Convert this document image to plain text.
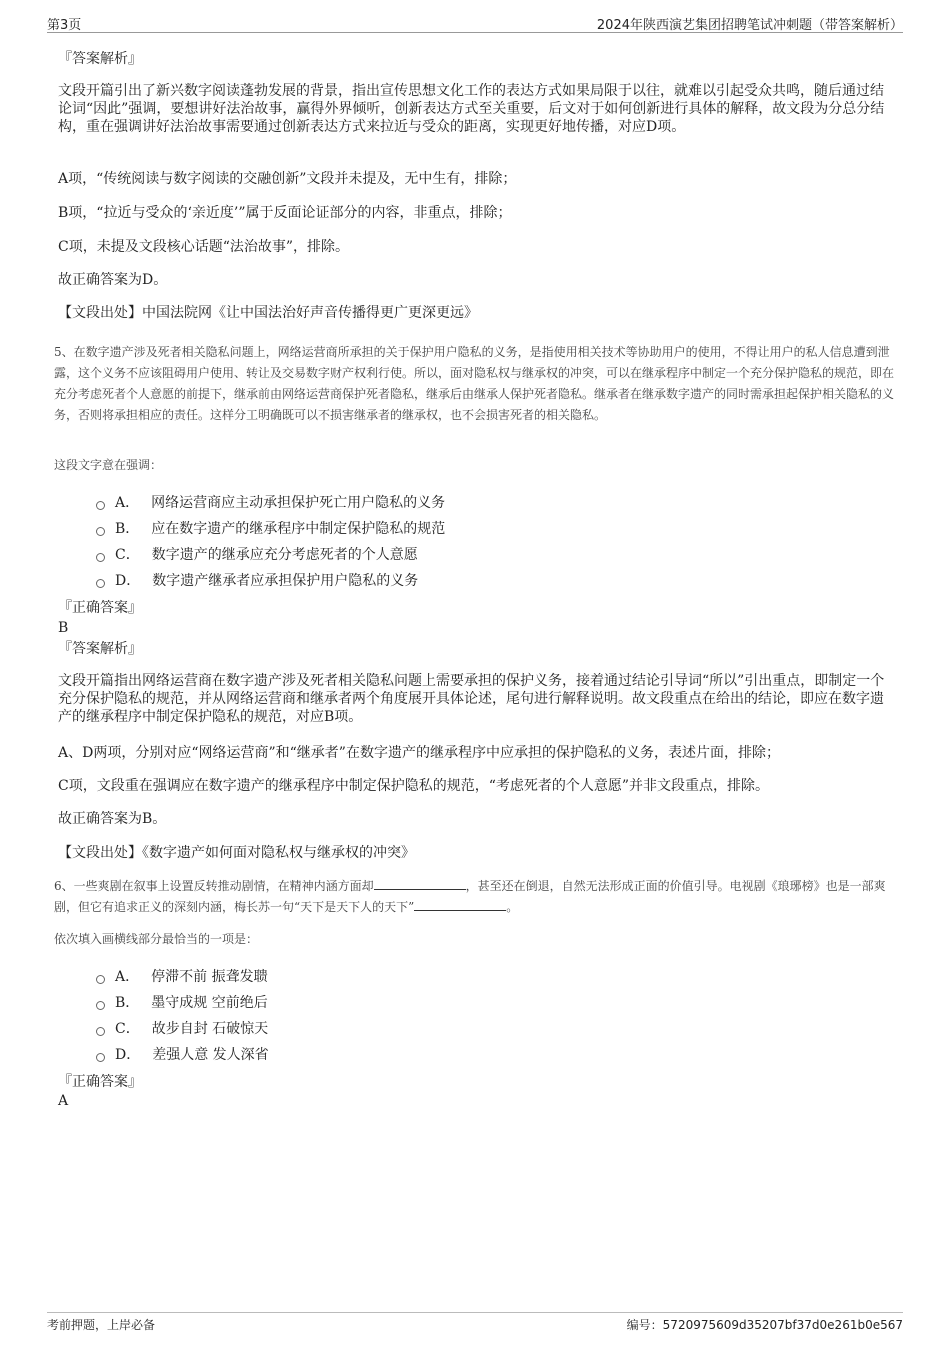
第3页	2024年陕西演艺集团招聘笔试冲刺题（带答案解析）
『答案解析』
文段开篇引出了新兴数字阅读蓬勃发展的背景，指出宣传思想文化工作的表达方式如果局限于以往，就难以引起受众共鸣，随后通过结论词“因此”强调，要想讲好法治故事，赢得外界倾听，创新表达方式至关重要，后文对于如何创新进行具体的解释，故文段为分总分结构，重在强调讲好法治故事需要通过创新表达方式来拉近与受众的距离，实现更好地传播，对应D项。
A项，“传统阅读与数字阅读的交融创新”文段并未提及，无中生有，排除；
B项，“拉近与受众的‘亲近度’”属于反面论证部分的内容，非重点，排除；
C项，未提及文段核心话题“法治故事”，排除。
故正确答案为D。
【文段出处】中国法院网《让中国法治好声音传播得更广更深更远》
5、在数字遗产涉及死者相关隐私问题上，网络运营商所承担的关于保护用户隐私的义务，是指使用相关技术等协助用户的使用，不得让用户的私人信息遭到泄露，这个义务不应该阻碍用户使用、转让及交易数字财产权利行使。所以，面对隐私权与继承权的冲突，可以在继承程序中制定一个充分保护隐私的规范，即在充分考虑死者个人意愿的前提下，继承前由网络运营商保护死者隐私，继承后由继承人保护死者隐私。继承者在继承数字遗产的同时需承担起保护相关隐私的义务，否则将承担相应的责任。这样分工明确既可以不损害继承者的继承权，也不会损害死者的相关隐私。
这段文字意在强调：
A． 网络运营商应主动承担保护死亡用户隐私的义务
B． 应在数字遗产的继承程序中制定保护隐私的规范
C． 数字遗产的继承应充分考虑死者的个人意愿
D． 数字遗产继承者应承担保护用户隐私的义务
『正确答案』
B
『答案解析』
文段开篇指出网络运营商在数字遗产涉及死者相关隐私问题上需要承担的保护义务，接着通过结论引导词“所以”引出重点，即制定一个充分保护隐私的规范，并从网络运营商和继承者两个角度展开具体论述，尾句进行解释说明。故文段重点在给出的结论，即应在数字遗产的继承程序中制定保护隐私的规范，对应B项。
A、D两项，分别对应“网络运营商”和“继承者”在数字遗产的继承程序中应承担的保护隐私的义务，表述片面，排除；
C项，文段重在强调应在数字遗产的继承程序中制定保护隐私的规范，“考虑死者的个人意愿”并非文段重点，排除。
故正确答案为B。
【文段出处】《数字遗产如何面对隐私权与继承权的冲突》
6、一些爽剧在叙事上设置反转推动剧情，在精神内涵方面却	，甚至还在倒退，自然无法形成正面的价值引导。电视剧《琅琊榜》也是一部爽剧，但它有追求正义的深刻内涵，梅长苏一句“天下是天下人的天下”	。
依次填入画横线部分最恰当的一项是：
A． 停滞不前 振聋发聩
B． 墨守成规 空前绝后
C． 故步自封 石破惊天
D． 差强人意 发人深省
『正确答案』
A
考前押题，上岸必备	编号：5720975609d35207bf37d0e261b0e567
